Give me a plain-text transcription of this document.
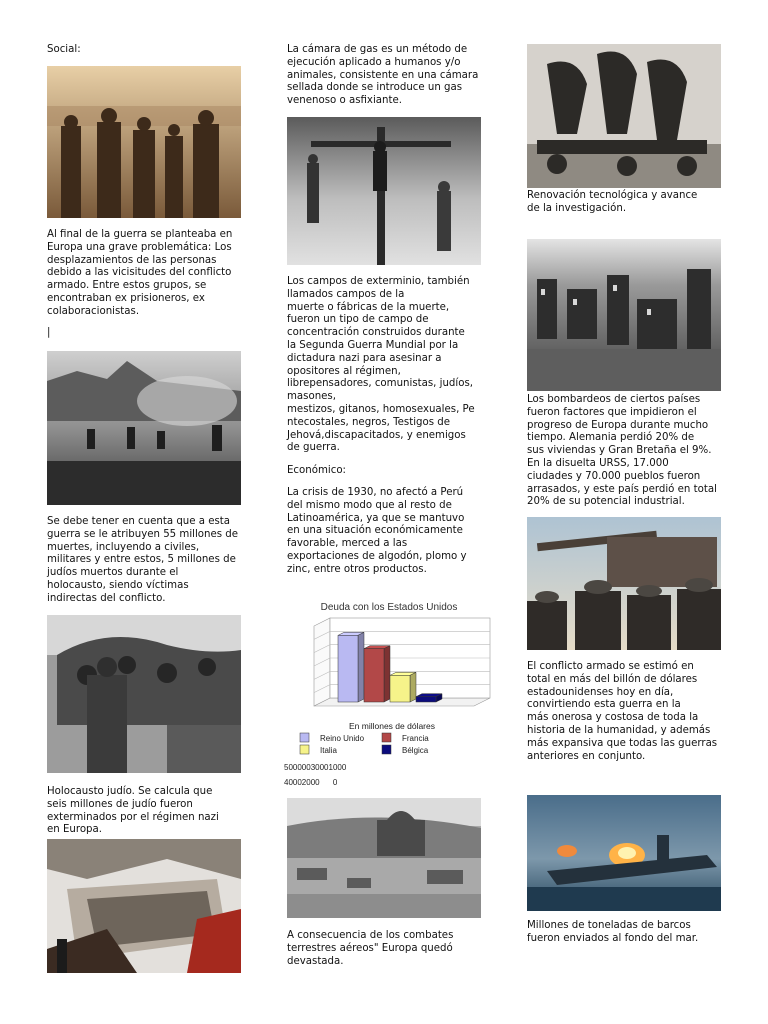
Social:
Al final de la guerra se planteaba en
Europa una grave problemática: Los
desplazamientos de las personas
debido a las vicisitudes del conflicto
armado. Entre estos grupos, se
encontraban ex prisioneros, ex
colaboracionistas.
|
Se debe tener en cuenta que a esta
guerra se le atribuyen 55 millones de
muertes, incluyendo a civiles,
militares y entre estos, 5 millones de
judíos muertos durante el
holocausto, siendo víctimas
indirectas del conflicto.
Holocausto judío. Se calcula que
seis millones de judío fueron
exterminados por el régimen nazi
en Europa.
La cámara de gas es un método de
ejecución aplicado a humanos y/o
animales, consistente en una cámara
sellada donde se introduce un gas
venenoso o asfixiante.
Los campos de exterminio, también
llamados campos de la
muerte o fábricas de la muerte,
fueron un tipo de campo de
concentración construidos durante
la Segunda Guerra Mundial por la
dictadura nazi para asesinar a
opositores al régimen,
librepensadores, comunistas, judíos,
masones,
mestizos, gitanos, homosexuales, Pe
ntecostales, negros, Testigos de
Jehová,discapacitados, y enemigos
de guerra.
Económico:
La crisis de 1930, no afectó a Perú
del mismo modo que al resto de
Latinoamérica, ya que se mantuvo
en una situación económicamente
favorable, merced a las
exportaciones de algodón, plomo y
zinc, entre otros productos.
Deuda con los Estados Unidos
En millones de dólares
Reino Unido	Francia
Italia	Bélgica
50000030001000
40002000      0
A consecuencia de los combates
terrestres aéreos" Europa quedó
devastada.
Renovación tecnológica y avance
de la investigación.
Los bombardeos de ciertos países
fueron factores que impidieron el
progreso de Europa durante mucho
tiempo. Alemania perdió 20% de
sus viviendas y Gran Bretaña el 9%.
En la disuelta URSS, 17.000
ciudades y 70.000 pueblos fueron
arrasados, y este país perdió en total
20% de su potencial industrial.
El conflicto armado se estimó en
total en más del billón de dólares
estadounidenses hoy en día,
convirtiendo esta guerra en la
más onerosa y costosa de toda la
historia de la humanidad, y además
más expansiva que todas las guerras
anteriores en conjunto.
Millones de toneladas de barcos
fueron enviados al fondo del mar.
